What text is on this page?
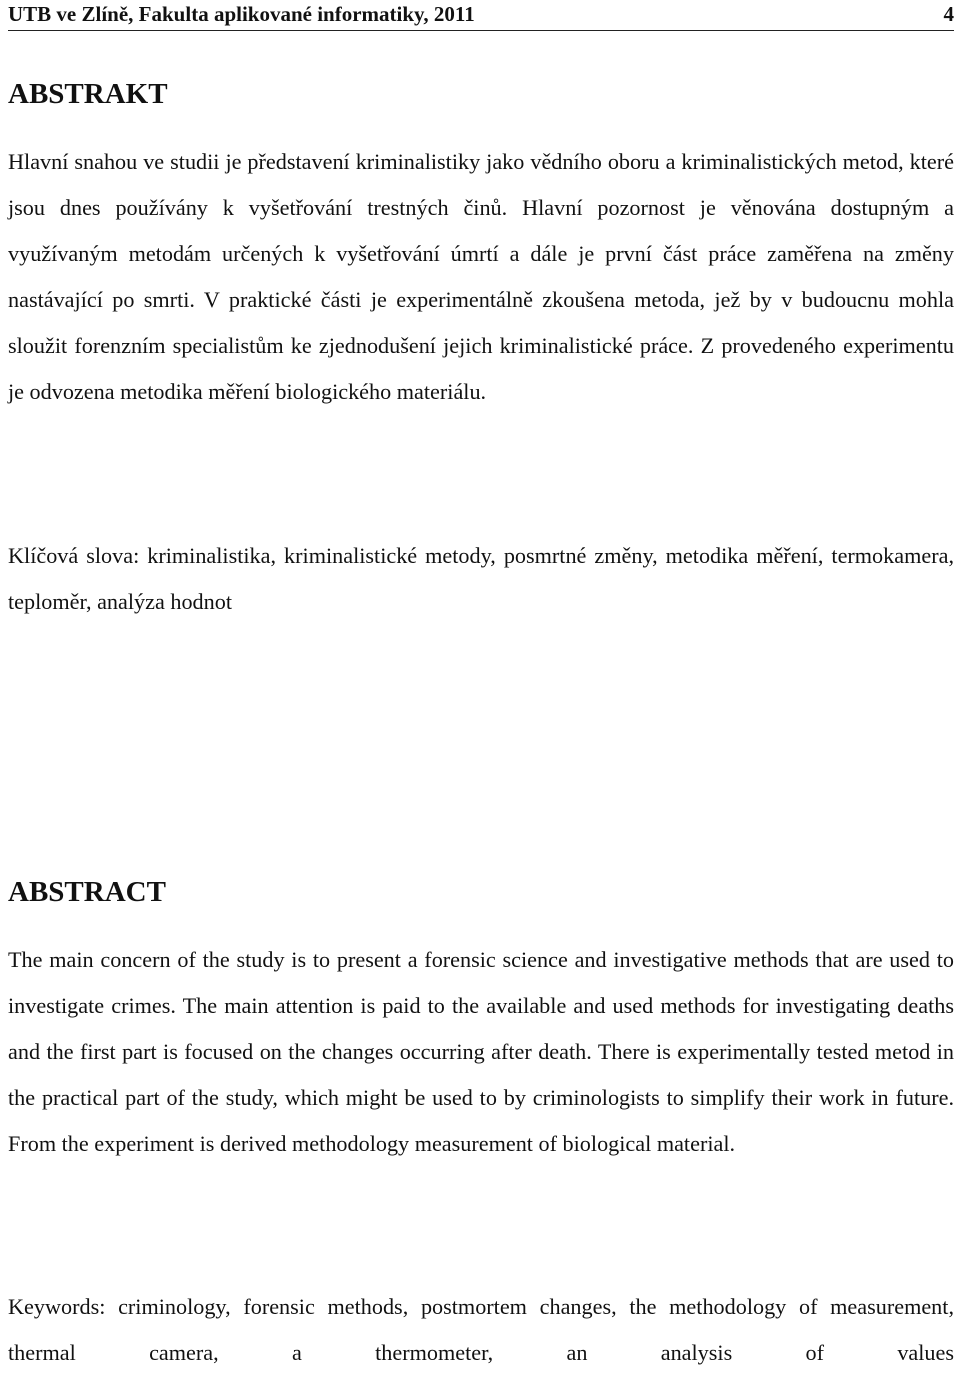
UTB ve Zlíně, Fakulta aplikované informatiky, 2011	4
ABSTRAKT

Hlavní snahou ve studii je představení kriminalistiky jako vědního oboru a kriminalistických metod, které jsou dnes používány k vyšetřování trestných činů. Hlavní pozornost je věnována dostupným a využívaným metodám určených k vyšetřování úmrtí a dále je první část práce zaměřena na změny nastávající po smrti. V praktické části je experimentálně zkoušena metoda, jež by v budoucnu mohla sloužit forenzním specialistům ke zjednodušení jejich kriminalistické práce. Z provedeného experimentu je odvozena metodika měření biologického materiálu.

Klíčová slova: kriminalistika, kriminalistické metody, posmrtné změny, metodika měření, termokamera, teploměr, analýza hodnot

ABSTRACT

The main concern of the study is to present a forensic science and investigative methods that are used to investigate crimes. The main attention is paid to the available and used methods for investigating deaths and the first part is focused on the changes occurring after death. There is experimentally tested metod in the practical part of the study, which might be used to by criminologists to simplify their work in future. From the experiment is derived methodology measurement of biological material.

Keywords: criminology, forensic methods, postmortem changes, the methodology of measurement, thermal camera, a thermometer, an analysis of values
